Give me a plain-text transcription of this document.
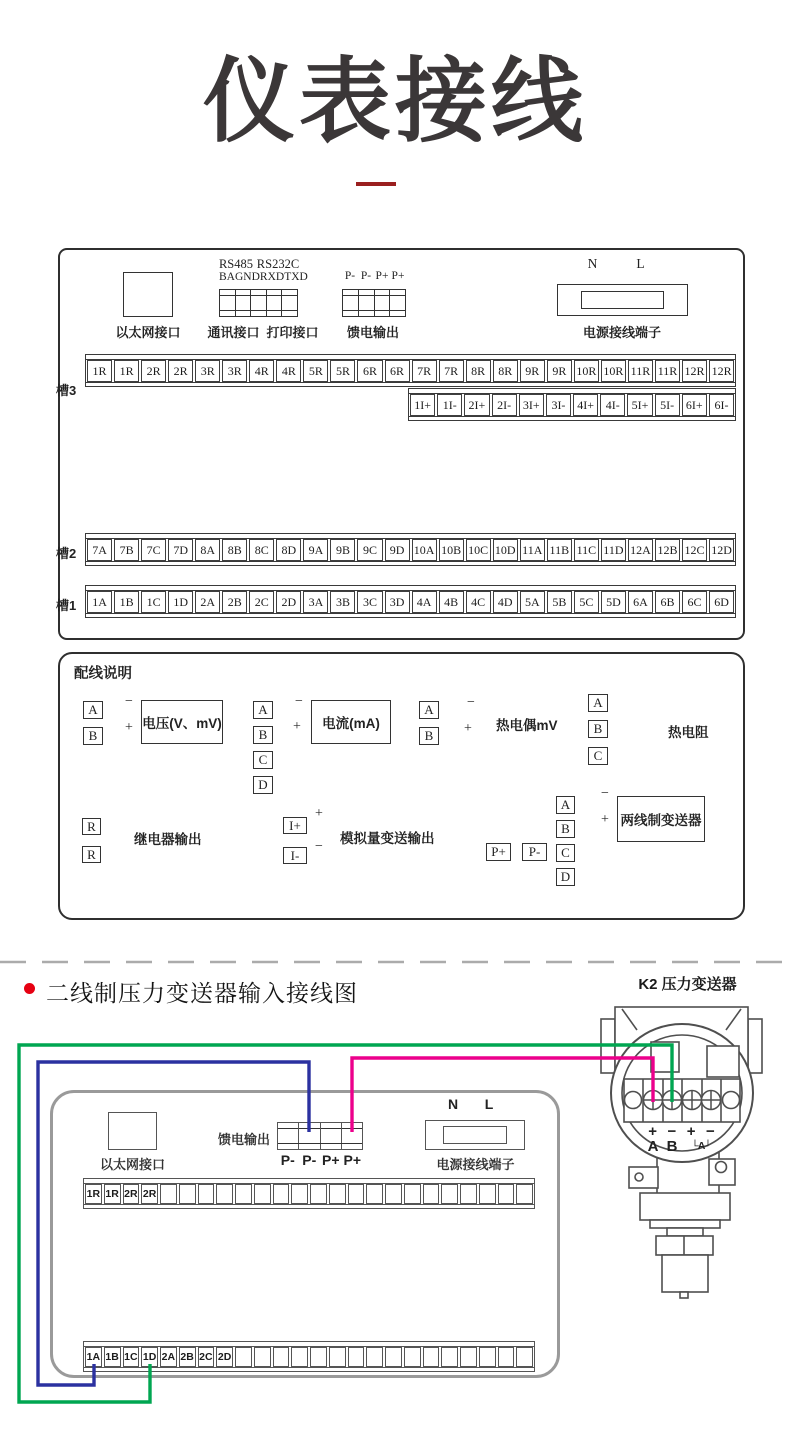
仪表接线
以太网接口
RS485 RS232C
B A GND RXD TXD
通讯接口 打印接口
P- P- P+ P+
馈电输出
N	L
电源接线端子
槽3
1R	1R	2R	2R	3R	3R	4R	4R	5R	5R	6R	6R	7R	7R	8R	8R	9R	9R 10R 10R 11R 11R 12R 12R
1I+ 1I- 2I+ 2I- 3I+ 3I- 4I+ 4I- 5I+ 5I- 6I+ 6I-
槽2	7A	7B	7C	7D	8A	8B	8C	8D	9A	9B	9C	9D 10A 10B 10C 10D 11A 11B 11C 11D 12A 12B 12C 12D
槽1	1A	1B	1C	1D	2A	2B	2C	2D	3A	3B	3C	3D	4A	4B	4C	4D	5A	5B	5C	5D	6A	6B	6C	6D
配线说明
A
B
−
+ 电压(V、mV)
A
B
C
D
−
+	电流(mA)
A
B
−
+ 热电偶mV
A
B
C
热电阻
R
R
继电器输出
I+
I-
+
−
模拟量变送输出
P+	P-
A
B
C
D
−
+ 两线制变送器
二线制压力变送器输入接线图	K2 压力变送器
以太网接口
馈电输出
P- P- P+ P+
N L
电源接线端子
1R 1R 2R 2R
1A 1B 1C 1D 2A 2B 2C 2D
+ − + −
A B	└A┘
